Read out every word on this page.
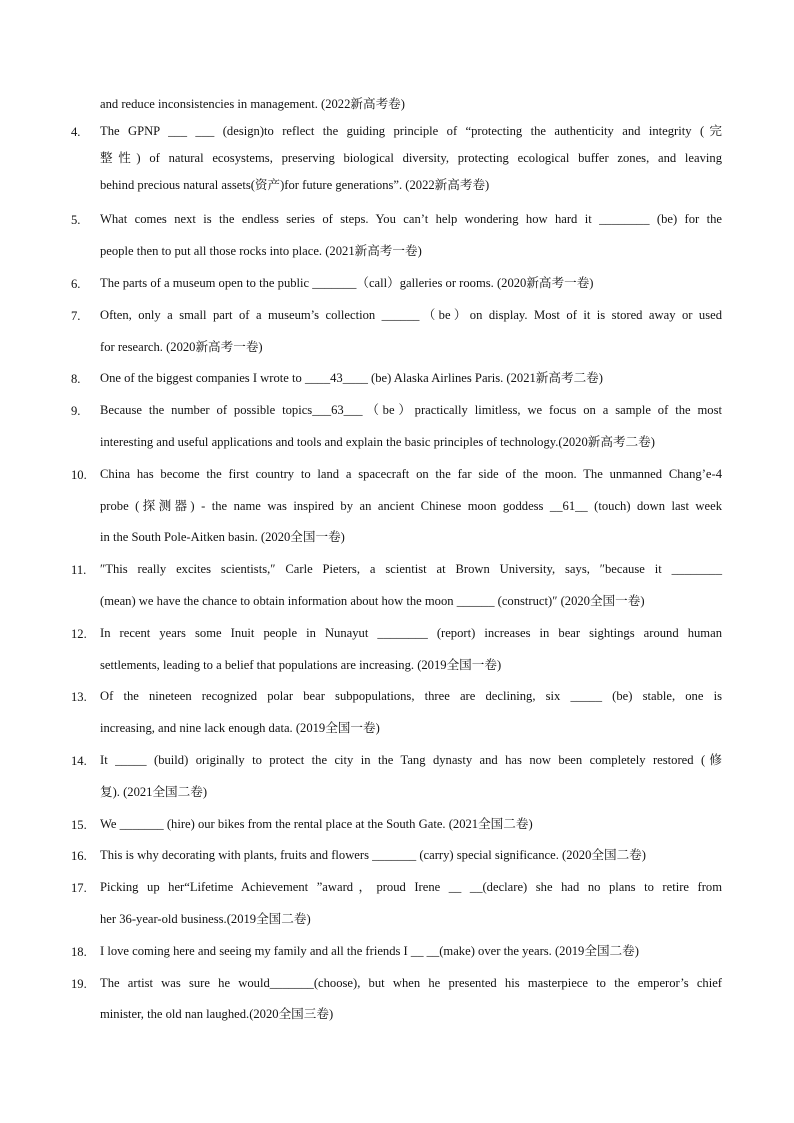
and reduce inconsistencies in management. (2022新高考卷)
4.	The GPNP ___ ___ (design)to reflect the guiding principle of “protecting the authenticity and integrity (完
整性) of natural ecosystems, preserving biological diversity, protecting ecological buffer zones, and leaving
behind precious natural assets(资产)for future generations”. (2022新高考卷)
5.	What comes next is the endless series of steps. You can’t help wondering how hard it ________ (be) for the
people then to put all those rocks into place. (2021新高考一卷)
6.	The parts of a museum open to the public _______（call）galleries or rooms. (2020新高考一卷)
7.	Often, only a small part of a museum’s collection ______（be）on display. Most of it is stored away or used
for research. (2020新高考一卷)
8.	One of the biggest companies I wrote to ____43____ (be) Alaska Airlines Paris. (2021新高考二卷)
9.	Because the number of possible topics___63___（be）practically limitless, we focus on a sample of the most
interesting and useful applications and tools and explain the basic principles of technology.(2020新高考二卷)
10.	China has become the first country to land a spacecraft on the far side of the moon. The unmanned Chang’e-4
probe (探测器) - the name was inspired by an ancient Chinese moon goddess __61__ (touch) down last week
in the South Pole-Aitken basin. (2020全国一卷)
11.	″This really excites scientists,″ Carle Pieters, a scientist at Brown University, says, ″because it ________
(mean) we have the chance to obtain information about how the moon ______ (construct)″ (2020全国一卷)
12.	In recent years some Inuit people in Nunayut ________ (report) increases in bear sightings around human
settlements, leading to a belief that populations are increasing. (2019全国一卷)
13.	Of the nineteen recognized polar bear subpopulations, three are declining, six _____ (be) stable, one is
increasing, and nine lack enough data. (2019全国一卷)
14.	It _____ (build) originally to protect the city in the Tang dynasty and has now been completely restored (修
复). (2021全国二卷)
15.	We _______ (hire) our bikes from the rental place at the South Gate. (2021全国二卷)
16.	This is why decorating with plants, fruits and flowers _______ (carry) special significance. (2020全国二卷)
17.	Picking up her“Lifetime Achievement ”award，proud Irene __ __(declare) she had no plans to retire from
her 36-year-old business.(2019全国二卷)
18.	I love coming here and seeing my family and all the friends I __ __(make) over the years. (2019全国二卷)
19.	The artist was sure he would_______(choose), but when he presented his masterpiece to the emperor’s chief
minister, the old nan laughed.(2020全国三卷)
